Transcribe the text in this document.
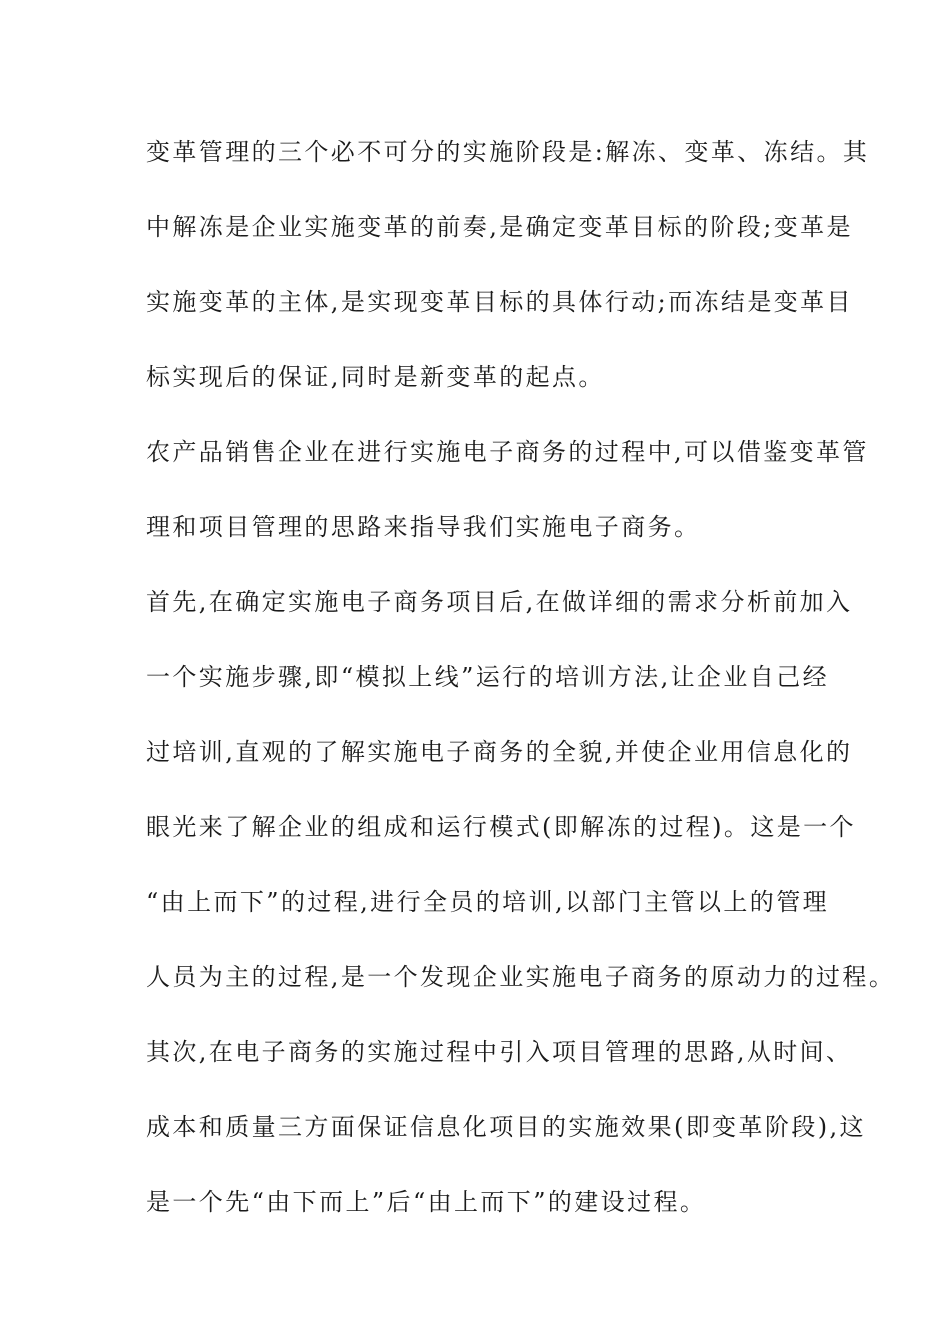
变革管理的三个必不可分的实施阶段是:解冻、变革、冻结。其
中解冻是企业实施变革的前奏,是确定变革目标的阶段;变革是
实施变革的主体,是实现变革目标的具体行动;而冻结是变革目
标实现后的保证,同时是新变革的起点。
农产品销售企业在进行实施电子商务的过程中,可以借鉴变革管
理和项目管理的思路来指导我们实施电子商务。
首先,在确定实施电子商务项目后,在做详细的需求分析前加入
一个实施步骤,即“模拟上线”运行的培训方法,让企业自己经
过培训,直观的了解实施电子商务的全貌,并使企业用信息化的
眼光来了解企业的组成和运行模式(即解冻的过程)。这是一个
“由上而下”的过程,进行全员的培训,以部门主管以上的管理
人员为主的过程,是一个发现企业实施电子商务的原动力的过程。
其次,在电子商务的实施过程中引入项目管理的思路,从时间、
成本和质量三方面保证信息化项目的实施效果(即变革阶段),这
是一个先“由下而上”后“由上而下”的建设过程。
